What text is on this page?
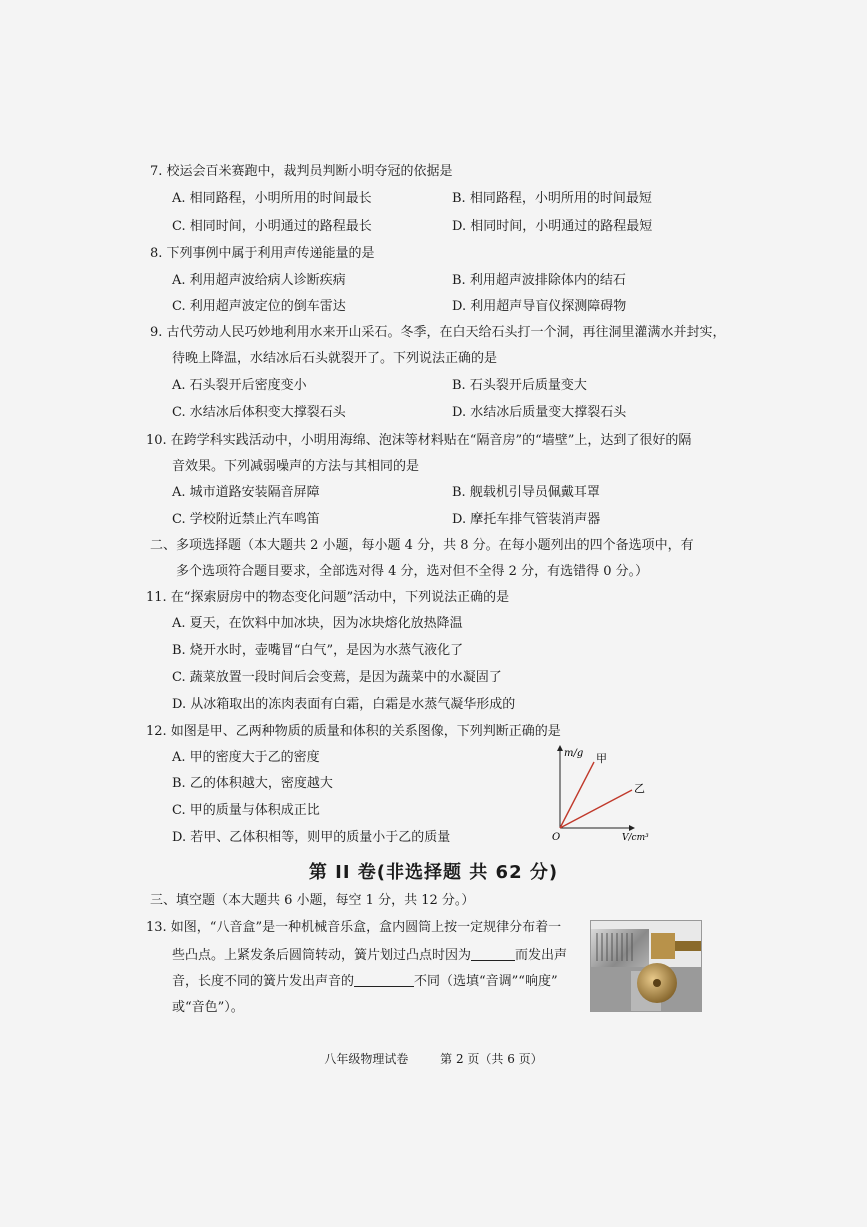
7. 校运会百米赛跑中，裁判员判断小明夺冠的依据是
A. 相同路程，小明所用的时间最长	B. 相同路程，小明所用的时间最短
C. 相同时间，小明通过的路程最长	D. 相同时间，小明通过的路程最短
8. 下列事例中属于利用声传递能量的是
A. 利用超声波给病人诊断疾病	B. 利用超声波排除体内的结石
C. 利用超声波定位的倒车雷达	D. 利用超声导盲仪探测障碍物
9. 古代劳动人民巧妙地利用水来开山采石。冬季，在白天给石头打一个洞，再往洞里灌满水并封实，
待晚上降温，水结冰后石头就裂开了。下列说法正确的是
A. 石头裂开后密度变小	B. 石头裂开后质量变大
C. 水结冰后体积变大撑裂石头	D. 水结冰后质量变大撑裂石头
10. 在跨学科实践活动中，小明用海绵、泡沫等材料贴在“隔音房”的“墙壁”上，达到了很好的隔
音效果。下列减弱噪声的方法与其相同的是
A. 城市道路安装隔音屏障	B. 舰载机引导员佩戴耳罩
C. 学校附近禁止汽车鸣笛	D. 摩托车排气管装消声器
二、多项选择题（本大题共 2 小题，每小题 4 分，共 8 分。在每小题列出的四个备选项中，有
多个选项符合题目要求，全部选对得 4 分，选对但不全得 2 分，有选错得 0 分。）
11. 在“探索厨房中的物态变化问题”活动中，下列说法正确的是
A. 夏天，在饮料中加冰块，因为冰块熔化放热降温
B. 烧开水时，壶嘴冒“白气”，是因为水蒸气液化了
C. 蔬菜放置一段时间后会变蔫，是因为蔬菜中的水凝固了
D. 从冰箱取出的冻肉表面有白霜，白霜是水蒸气凝华形成的
12. 如图是甲、乙两种物质的质量和体积的关系图像，下列判断正确的是
A. 甲的密度大于乙的密度
B. 乙的体积越大，密度越大
C. 甲的质量与体积成正比
D. 若甲、乙体积相等，则甲的质量小于乙的质量
m/g 甲
乙
O	V/cm³
第 II 卷(非选择题 共 62 分)
三、填空题（本大题共 6 小题，每空 1 分，共 12 分。）
13. 如图，“八音盒”是一种机械音乐盒，盒内圆筒上按一定规律分布着一
些凸点。上紧发条后圆筒转动，簧片划过凸点时因为	而发出声
音，长度不同的簧片发出声音的	不同（选填“音调”“响度”
或“音色”）。
八年级物理试卷	第 2 页（共 6 页）
